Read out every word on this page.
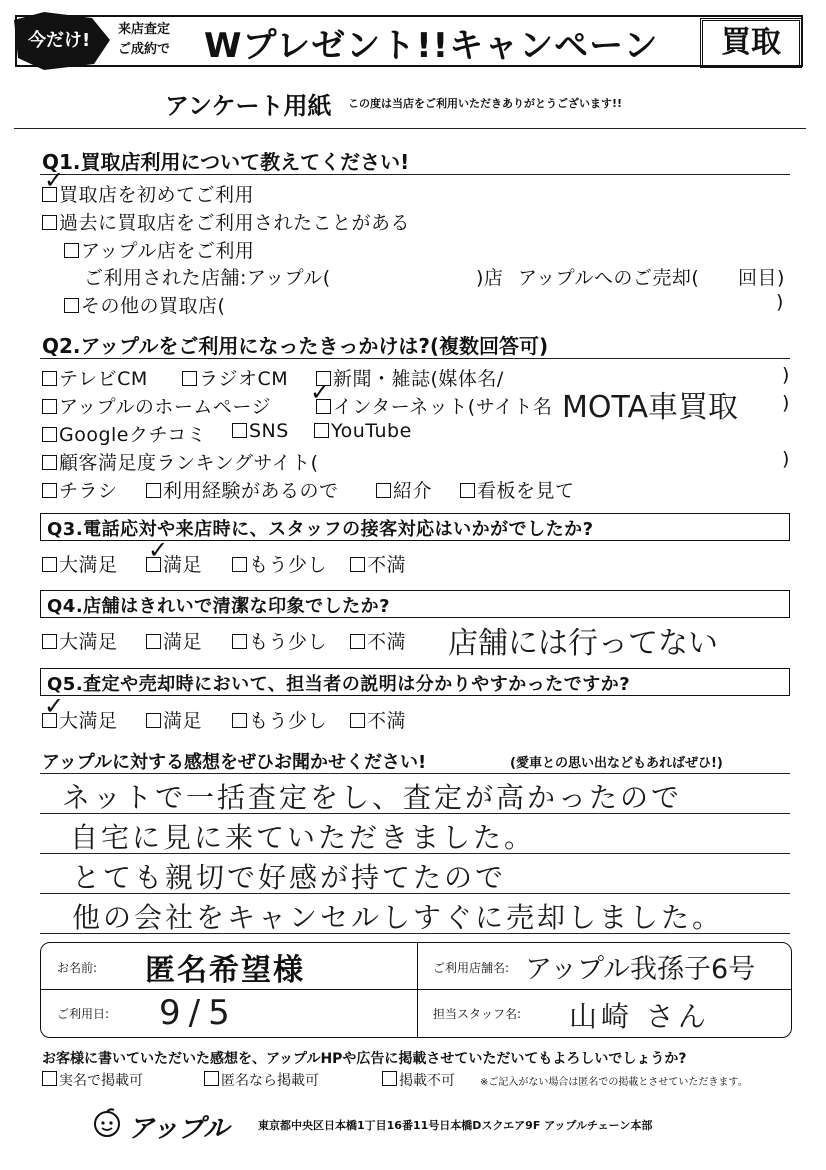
今だけ!
来店査定
ご成約で Wプレゼント!!キャンペーン	買取
アンケート用紙 この度は当店をご利用いただきありがとうございます!!
Q1.買取店利用について教えてください!
買取店を初めてご利用
✓
過去に買取店をご利用されたことがある
アップル店をご利用
ご利用された店舗:アップル(	)店 アップルへのご売却( 回目)
その他の買取店(	)
Q2.アップルをご利用になったきっかけは?(複数回答可)
テレビCM	ラジオCM	新聞・雑誌(媒体名/	)
アップルのホームページ	インターネット(サイト名
✓	MOTA車買取 )
Googleクチコミ	SNS	YouTube
顧客満足度ランキングサイト(	)
チラシ	利用経験があるので	紹介	看板を見て
Q3.電話応対や来店時に、スタッフの接客対応はいかがでしたか?
大満足	満足
✓
もう少し	不満
Q4.店舗はきれいで清潔な印象でしたか?
大満足	満足	もう少し	不満 店舗には行ってない
Q5.査定や売却時において、担当者の説明は分かりやすかったですか?
大満足
✓
満足	もう少し	不満
アップルに対する感想をぜひお聞かせください!	(愛車との思い出などもあればぜひ!)
ネットで一括査定をし、査定が高かったので
自宅に見に来ていただきました。
とても親切で好感が持てたので
他の会社をキャンセルしすぐに売却しました。
お名前: 匿名希望様	ご利用店舗名: アップル我孫子6号
ご利用日: 9/5	担当スタッフ名: 山崎 さん
お客様に書いていただいた感想を、アップルHPや広告に掲載させていただいてもよろしいでしょうか?
実名で掲載可	匿名なら掲載可	掲載不可	※ご記入がない場合は匿名での掲載とさせていただきます。
アップル	東京都中央区日本橋1丁目16番11号日本橋Dスクエア9F アップルチェーン本部
